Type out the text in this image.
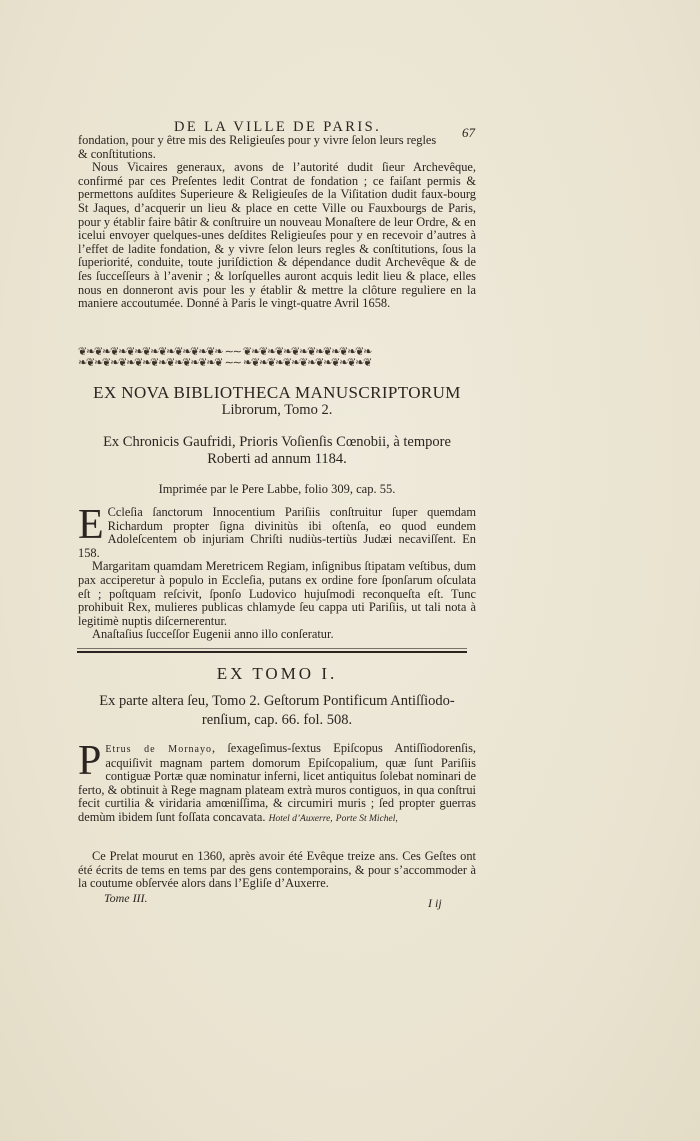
DE LA VILLE DE PARIS.	67

fondation, pour y être mis des Religieuſes pour y vivre ſelon leurs regles

& conſtitutions.

Nous Vicaires generaux, avons de l’autorité dudit ſieur Archevêque, confirmé par ces Preſentes ledit Contrat de fondation ; ce faiſant permis & permettons auſdites Superieure & Religieuſes de la Viſitation dudit faux-bourg St Jaques, d’acquerir un lieu & place en cette Ville ou Fauxbourgs de Paris, pour y établir faire bâtir & conſtruire un nouveau Monaſtere de leur Ordre, & en icelui envoyer quelques-unes deſdites Religieuſes pour y en recevoir d’autres à l’effet de ladite fondation, & y vivre ſelon leurs regles & conſtitutions, ſous la ſuperiorité, conduite, toute juriſdiction & dépendance dudit Archevêque & de ſes ſucceſſeurs à l’avenir ; & lorſquelles auront acquis ledit lieu & place, elles nous en donneront avis pour les y établir & mettre la clôture reguliere en la maniere accoutumée. Donné à Paris le vingt-quatre Avril 1658.

❦❧❦❧❦❧❦❧❦❧❦❧❦❧❦❧❦❧ ∼∼ ❦❧❦❧❦❧❦❧❦❧❦❧❦❧❦❧
❧❦❧❦❧❦❧❦❧❦❧❦❧❦❧❦❧❦ ∼∼ ❧❦❧❦❧❦❧❦❧❦❧❦❧❦❧❦
EX NOVA BIBLIOTHECA MANUSCRIPTORUM
Librorum, Tomo 2.
Ex Chronicis Gaufridi, Prioris Voſienſis Cœnobii, à tempore
Roberti ad annum 1184.
Imprimée par le Pere Labbe, folio 309, cap. 55.

E Ccleſia ſanctorum Innocentium Pariſiis conſtruitur ſuper quemdam Richardum propter ſigna divinitùs ibi oſtenſa, eo quod eundem Adoleſcentem ob injuriam Chriſti nudiùs-tertiùs Judæi necaviſſent. En 158.

Margaritam quamdam Meretricem Regiam, inſignibus ſtipatam veſtibus, dum pax acciperetur à populo in Eccleſia, putans ex ordine fore ſponſarum oſculata eſt ; poſtquam reſcivit, ſponſo Ludovico hujuſmodi reconqueſta eſt. Tunc prohibuit Rex, mulieres publicas chlamyde ſeu cappa uti Pariſiis, ut tali nota à legitimè nuptis diſcernerentur.

Anaſtaſius ſucceſſor Eugenii anno illo conſeratur.

EX TOMO I.
Ex parte altera ſeu, Tomo 2. Geſtorum Pontificum Antiſſiodo-
renſium, cap. 66. fol. 508.

P Etrus de Mornayo, ſexageſimus-ſextus Epiſcopus Antiſſiodorenſis, acquiſivit magnam partem domorum Epiſcopalium, quæ ſunt Pariſiis contiguæ Portæ quæ nominatur inferni, licet antiquitus ſolebat nominari de ferto, & obtinuit à Rege magnam plateam extrà muros contiguos, in qua conſtrui fecit curtilia & viridaria amœniſſima, & circumiri muris ; ſed propter guerras demùm ibidem ſunt foſſata concavata. Hotel d’Auxerre, Porte St Michel,

Ce Prelat mourut en 1360, après avoir été Evêque treize ans. Ces Geſtes ont été écrits de tems en tems par des gens contemporains, & pour s’accommoder à la coutume obſervée alors dans l’Egliſe d’Auxerre.

Tome III.	I ij
